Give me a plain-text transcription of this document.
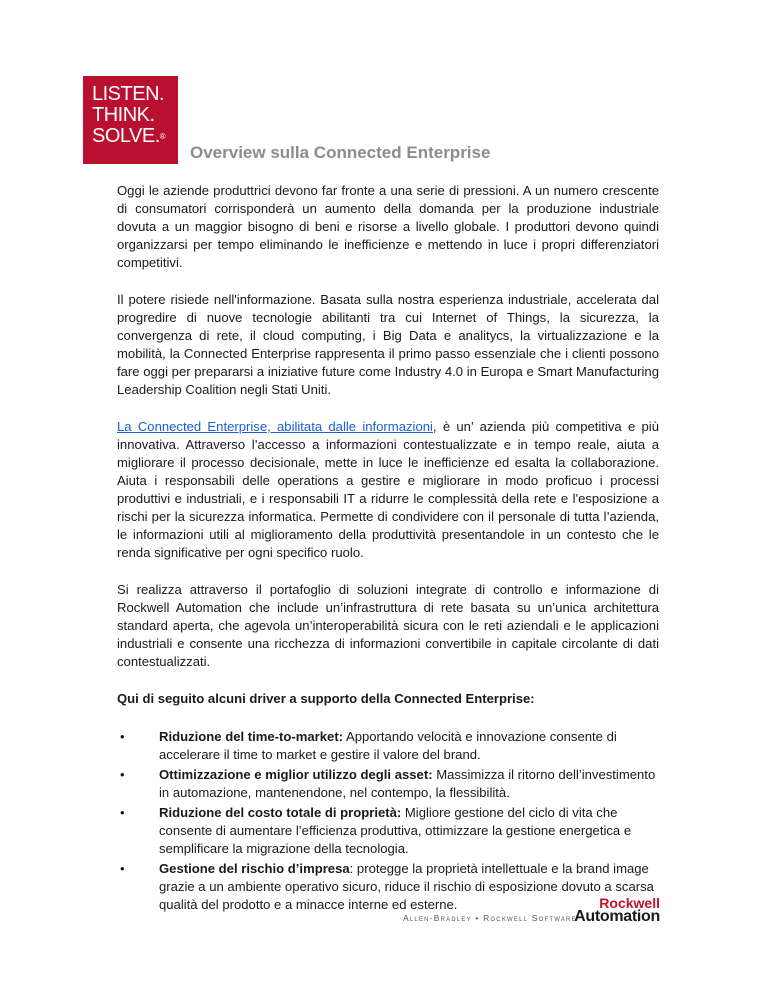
LISTEN.
THINK.
SOLVE.®
Overview sulla Connected Enterprise

Oggi le aziende produttrici devono far fronte a una serie di pressioni. A un numero crescente di consumatori corrisponderà un aumento della domanda per la produzione industriale dovuta a un maggior bisogno di beni e risorse a livello globale. I produttori devono quindi organizzarsi per tempo eliminando le inefficienze e mettendo in luce i propri differenziatori competitivi.

Il potere risiede nell'informazione. Basata sulla nostra esperienza industriale, accelerata dal progredire di nuove tecnologie abilitanti tra cui Internet of Things, la sicurezza, la convergenza di rete, il cloud computing, i Big Data e analitycs, la virtualizzazione e la mobilità, la Connected Enterprise rappresenta il primo passo essenziale che i clienti possono fare oggi per prepararsi a iniziative future come Industry 4.0 in Europa e Smart Manufacturing Leadership Coalition negli Stati Uniti.

La Connected Enterprise, abilitata dalle informazioni, è un’ azienda più competitiva e più innovativa. Attraverso l’accesso a informazioni contestualizzate e in tempo reale, aiuta a migliorare il processo decisionale, mette in luce le inefficienze ed esalta la collaborazione. Aiuta i responsabili delle operations a gestire e migliorare in modo proficuo i processi produttivi e industriali, e i responsabili IT a ridurre le complessità della rete e l'esposizione a rischi per la sicurezza informatica. Permette di condividere con il personale di tutta l’azienda, le informazioni utili al miglioramento della produttività presentandole in un contesto che le renda significative per ogni specifico ruolo.

Si realizza attraverso il portafoglio di soluzioni integrate di controllo e informazione di Rockwell Automation che include un’infrastruttura di rete basata su un’unica architettura standard aperta, che agevola un’interoperabilità sicura con le reti aziendali e le applicazioni industriali e consente una ricchezza di informazioni convertibile in capitale circolante di dati contestualizzati.

Qui di seguito alcuni driver a supporto della Connected Enterprise:

•	Riduzione del time-to-market: Apportando velocità e innovazione consente di accelerare il time to market e gestire il valore del brand.
•	Ottimizzazione e miglior utilizzo degli asset: Massimizza il ritorno dell’investimento in automazione, mantenendone, nel contempo, la flessibilità.
•	Riduzione del costo totale di proprietà: Migliore gestione del ciclo di vita che consente di aumentare l’efficienza produttiva, ottimizzare la gestione energetica e semplificare la migrazione della tecnologia.
•	Gestione del rischio d’impresa: protegge la proprietà intellettuale e la brand image grazie a un ambiente operativo sicuro, riduce il rischio di esposizione dovuto a scarsa qualità del prodotto e a minacce interne ed esterne.
Allen-Bradley • Rockwell Software
Rockwell
Automation
